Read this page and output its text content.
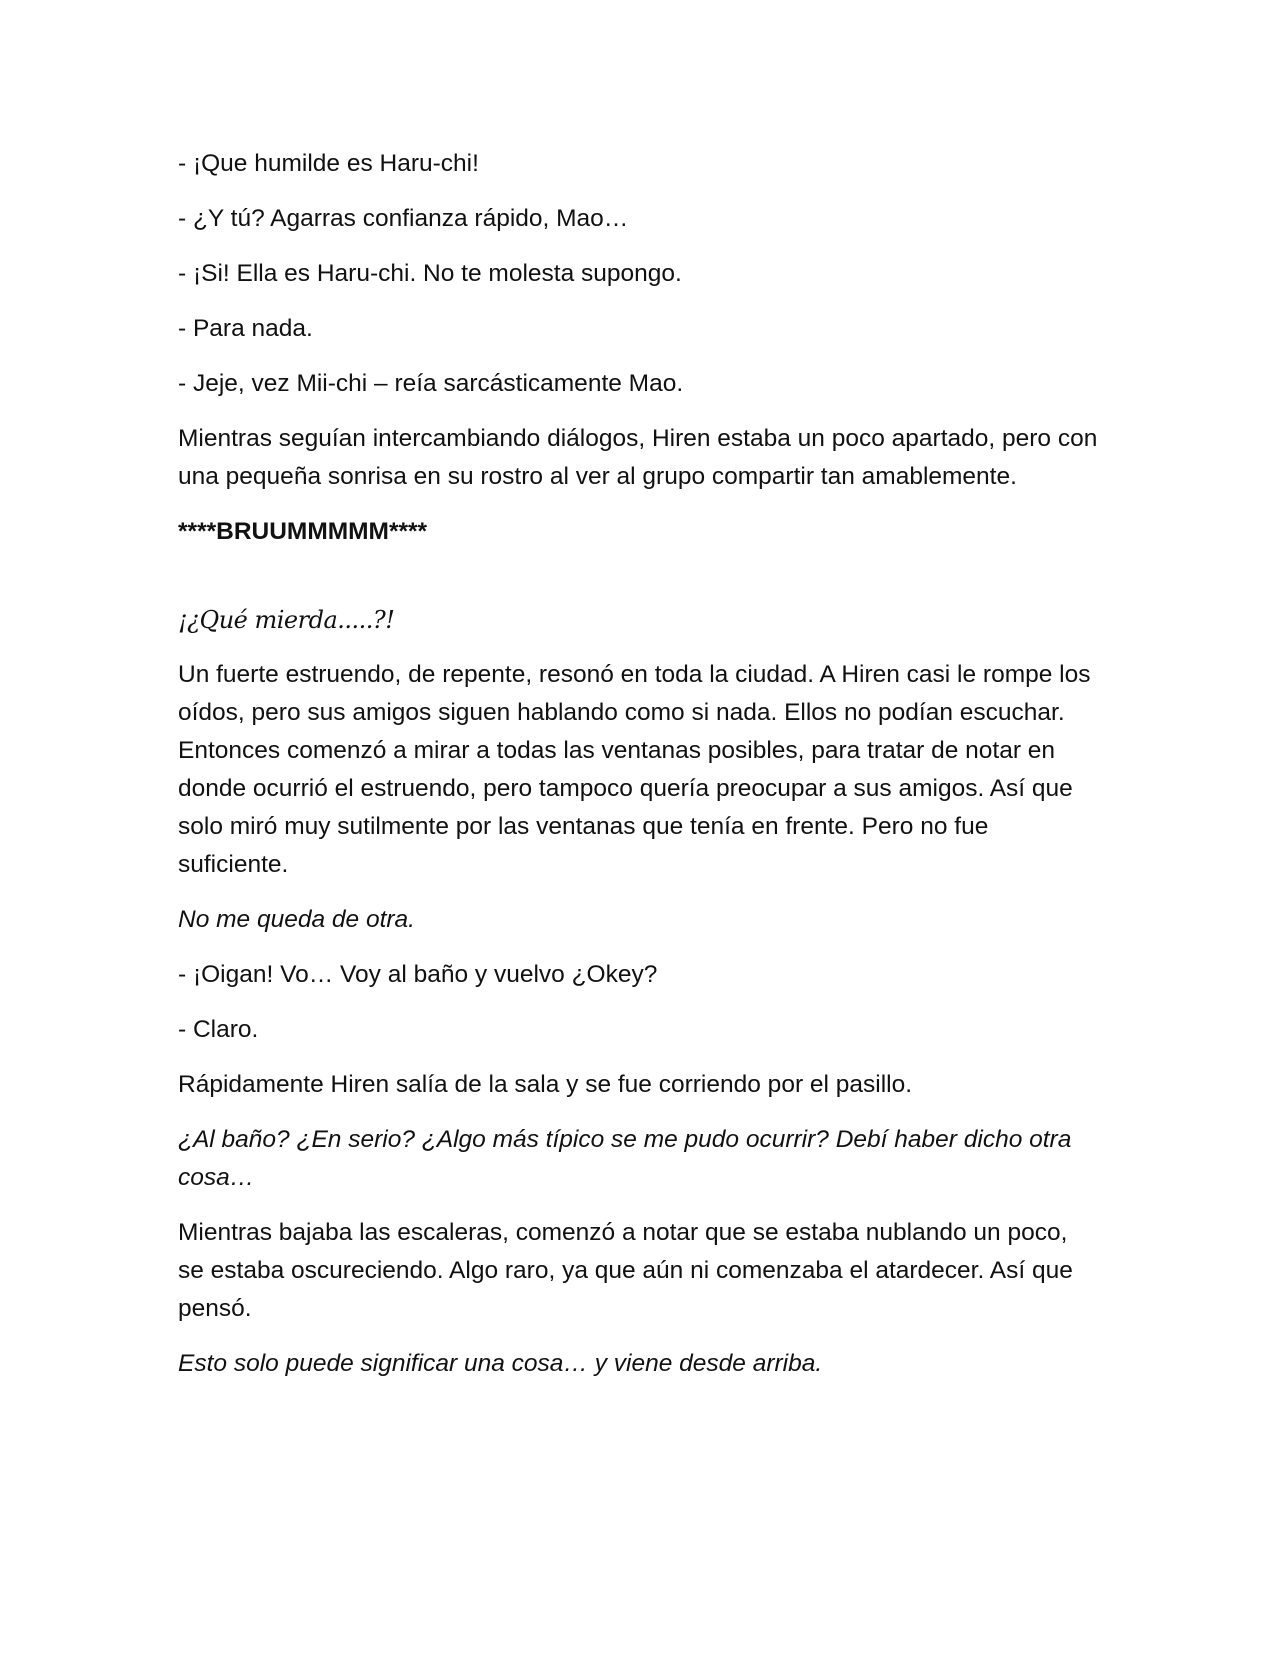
- ¡Que humilde es Haru-chi!

- ¿Y tú? Agarras confianza rápido, Mao…

- ¡Si! Ella es Haru-chi. No te molesta supongo.

- Para nada.

- Jeje, vez Mii-chi – reía sarcásticamente Mao.

Mientras seguían intercambiando diálogos, Hiren estaba un poco apartado, pero con una pequeña sonrisa en su rostro al ver al grupo compartir tan amablemente.

****BRUUMMMMM****

¡¿Qué mierda.....?!

Un fuerte estruendo, de repente, resonó en toda la ciudad. A Hiren casi le rompe los oídos, pero sus amigos siguen hablando como si nada. Ellos no podían escuchar. Entonces comenzó a mirar a todas las ventanas posibles, para tratar de notar en donde ocurrió el estruendo, pero tampoco quería preocupar a sus amigos. Así que solo miró muy sutilmente por las ventanas que tenía en frente. Pero no fue suficiente.

No me queda de otra.

- ¡Oigan! Vo… Voy al baño y vuelvo ¿Okey?

- Claro.

Rápidamente Hiren salía de la sala y se fue corriendo por el pasillo.

¿Al baño? ¿En serio? ¿Algo más típico se me pudo ocurrir? Debí haber dicho otra cosa…

Mientras bajaba las escaleras, comenzó a notar que se estaba nublando un poco, se estaba oscureciendo. Algo raro, ya que aún ni comenzaba el atardecer. Así que pensó.

Esto solo puede significar una cosa… y viene desde arriba.
